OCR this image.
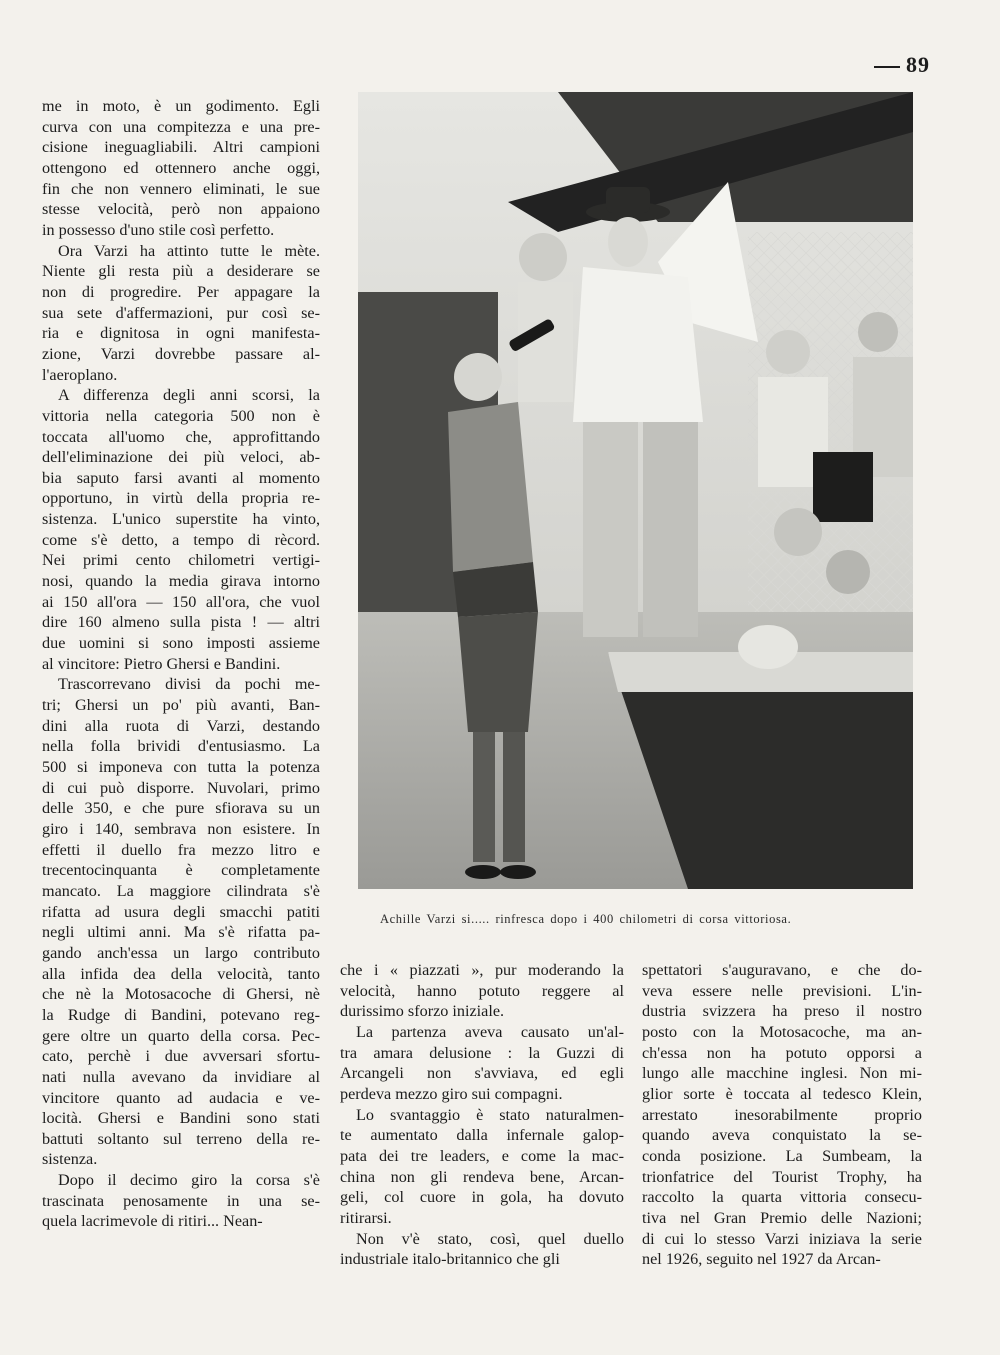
89

me in moto, è un godimento. Egli

curva con una compitezza e una pre-

cisione ineguagliabili. Altri campioni

ottengono ed ottennero anche oggi,

fin che non vennero eliminati, le sue

stesse velocità, però non appaiono

in possesso d'uno stile così perfetto.

Ora Varzi ha attinto tutte le mète.

Niente gli resta più a desiderare se

non di progredire. Per appagare la

sua sete d'affermazioni, pur così se-

ria e dignitosa in ogni manifesta-

zione, Varzi dovrebbe passare al-

l'aeroplano.

A differenza degli anni scorsi, la

vittoria nella categoria 500 non è

toccata all'uomo che, approfittando

dell'eliminazione dei più veloci, ab-

bia saputo farsi avanti al momento

opportuno, in virtù della propria re-

sistenza. L'unico superstite ha vinto,

come s'è detto, a tempo di rècord.

Nei primi cento chilometri vertigi-

nosi, quando la media girava intorno

ai 150 all'ora — 150 all'ora, che vuol

dire 160 almeno sulla pista ! — altri

due uomini si sono imposti assieme

al vincitore: Pietro Ghersi e Bandini.

Trascorrevano divisi da pochi me-

tri; Ghersi un po' più avanti, Ban-

dini alla ruota di Varzi, destando

nella folla brividi d'entusiasmo. La

500 si imponeva con tutta la potenza

di cui può disporre. Nuvolari, primo

delle 350, e che pure sfiorava su un

giro i 140, sembrava non esistere. In

effetti il duello fra mezzo litro e

trecentocinquanta è completamente

mancato. La maggiore cilindrata s'è

rifatta ad usura degli smacchi patiti

negli ultimi anni. Ma s'è rifatta pa-

gando anch'essa un largo contributo

alla infida dea della velocità, tanto

che nè la Motosacoche di Ghersi, nè

la Rudge di Bandini, potevano reg-

gere oltre un quarto della corsa. Pec-

cato, perchè i due avversari sfortu-

nati nulla avevano da invidiare al

vincitore quanto ad audacia e ve-

locità. Ghersi e Bandini sono stati

battuti soltanto sul terreno della re-

sistenza.

Dopo il decimo giro la corsa s'è

trascinata penosamente in una se-

quela lacrimevole di ritiri... Nean-

Achille Varzi si..... rinfresca dopo i 400 chilometri di corsa vittoriosa.

che i « piazzati », pur moderando la

velocità, hanno potuto reggere al

durissimo sforzo iniziale.

La partenza aveva causato un'al-

tra amara delusione : la Guzzi di

Arcangeli non s'avviava, ed egli

perdeva mezzo giro sui compagni.

Lo svantaggio è stato naturalmen-

te aumentato dalla infernale galop-

pata dei tre leaders, e come la mac-

china non gli rendeva bene, Arcan-

geli, col cuore in gola, ha dovuto

ritirarsi.

Non v'è stato, così, quel duello

industriale italo-britannico che gli

spettatori s'auguravano, e che do-

veva essere nelle previsioni. L'in-

dustria svizzera ha preso il nostro

posto con la Motosacoche, ma an-

ch'essa non ha potuto opporsi a

lungo alle macchine inglesi. Non mi-

glior sorte è toccata al tedesco Klein,

arrestato inesorabilmente proprio

quando aveva conquistato la se-

conda posizione. La Sumbeam, la

trionfatrice del Tourist Trophy, ha

raccolto la quarta vittoria consecu-

tiva nel Gran Premio delle Nazioni;

di cui lo stesso Varzi iniziava la serie

nel 1926, seguito nel 1927 da Arcan-
